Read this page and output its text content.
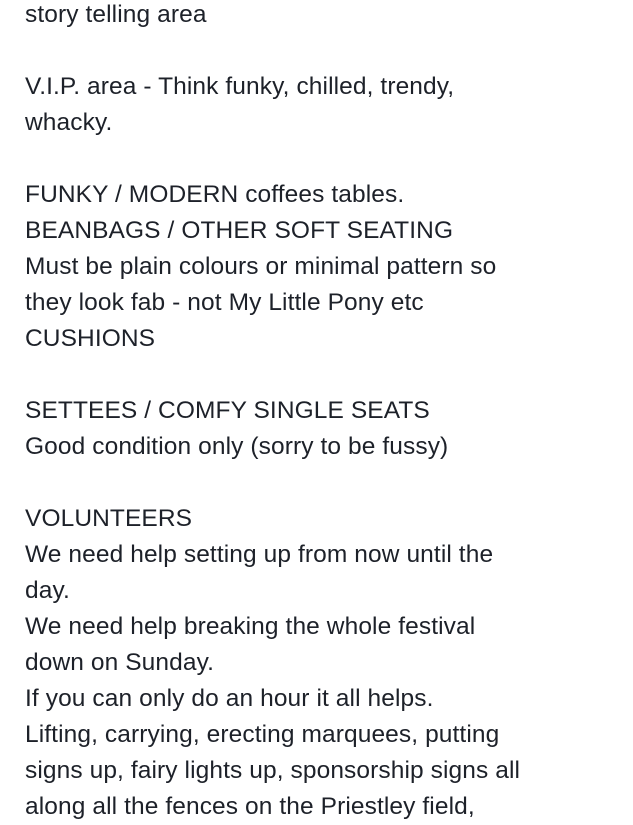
story telling area
V.I.P. area - Think funky, chilled, trendy,
whacky.
FUNKY / MODERN coffees tables.
BEANBAGS / OTHER SOFT SEATING
Must be plain colours or minimal pattern so
they look fab - not My Little Pony etc
CUSHIONS
SETTEES / COMFY SINGLE SEATS
Good condition only (sorry to be fussy)
VOLUNTEERS
We need help setting up from now until the
day.
We need help breaking the whole festival
down on Sunday.
If you can only do an hour it all helps.
Lifting, carrying, erecting marquees, putting
signs up, fairy lights up, sponsorship signs all
along all the fences on the Priestley field,
